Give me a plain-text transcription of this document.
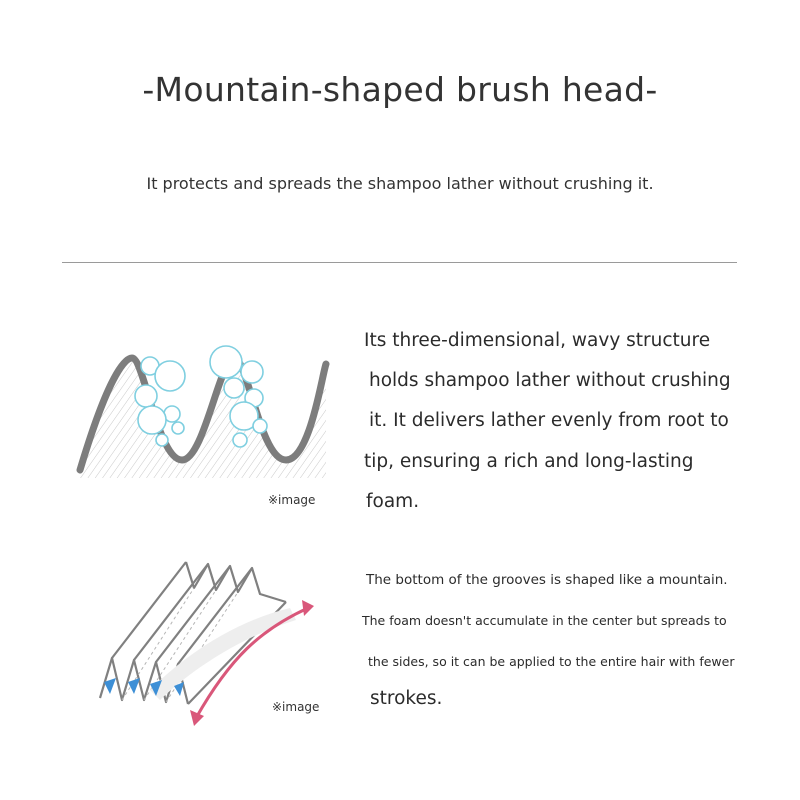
-Mountain-shaped brush head-
It protects and spreads the shampoo lather without crushing it.
※image
Its three-dimensional, wavy structure
holds shampoo lather without crushing
it. It delivers lather evenly from root to
tip, ensuring a rich and long-lasting
foam.
※image
The bottom of the grooves is shaped like a mountain.
The foam doesn't accumulate in the center but spreads to
the sides, so it can be applied to the entire hair with fewer
strokes.
